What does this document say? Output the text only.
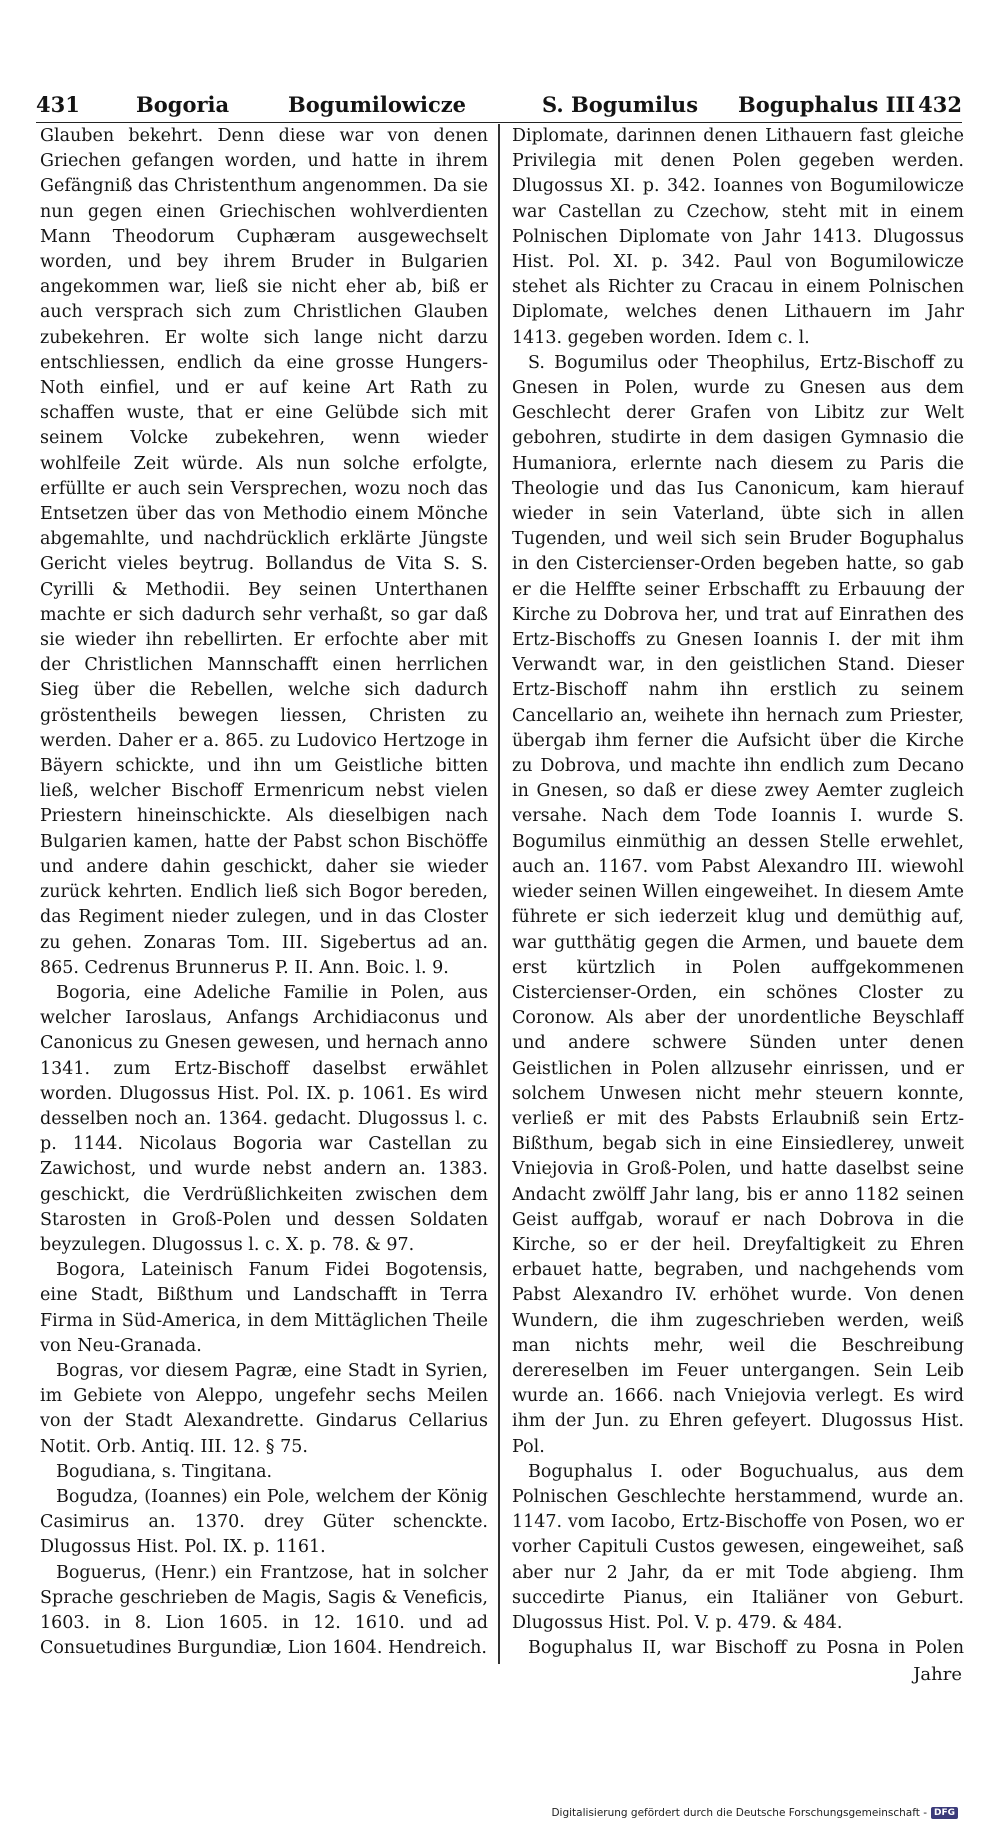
431	Bogoria	Bogumilowicze	S. Bogumilus Boguphalus III 432

Glauben bekehrt. Denn diese war von denen Griechen gefangen worden, und hatte in ihrem Gefängniß das Christenthum angenommen. Da sie nun gegen einen Griechischen wohlverdienten Mann Theodorum Cuphæram ausgewechselt worden, und bey ihrem Bruder in Bulgarien angekommen war, ließ sie nicht eher ab, biß er auch versprach sich zum Christlichen Glauben zubekehren. Er wolte sich lange nicht darzu entschliessen, endlich da eine grosse Hungers-Noth einfiel, und er auf keine Art Rath zu schaffen wuste, that er eine Gelübde sich mit seinem Volcke zubekehren, wenn wieder wohlfeile Zeit würde. Als nun solche erfolgte, erfüllte er auch sein Versprechen, wozu noch das Entsetzen über das von Methodio einem Mönche abgemahlte, und nachdrücklich erklärte Jüngste Gericht vieles beytrug. Bollandus de Vita S. S. Cyrilli & Methodii. Bey seinen Unterthanen machte er sich dadurch sehr verhaßt, so gar daß sie wieder ihn rebellirten. Er erfochte aber mit der Christlichen Mannschafft einen herrlichen Sieg über die Rebellen, welche sich dadurch gröstentheils bewegen liessen, Christen zu werden. Daher er a. 865. zu Ludovico Hertzoge in Bäyern schickte, und ihn um Geistliche bitten ließ, welcher Bischoff Ermenricum nebst vielen Priestern hineinschickte. Als dieselbigen nach Bulgarien kamen, hatte der Pabst schon Bischöffe und andere dahin geschickt, daher sie wieder zurück kehrten. Endlich ließ sich Bogor bereden, das Regiment nieder zulegen, und in das Closter zu gehen. Zonaras Tom. III. Sigebertus ad an. 865. Cedrenus Brunnerus P. II. Ann. Boic. l. 9.

Bogoria, eine Adeliche Familie in Polen, aus welcher Iaroslaus, Anfangs Archidiaconus und Canonicus zu Gnesen gewesen, und hernach anno 1341. zum Ertz-Bischoff daselbst erwählet worden. Dlugossus Hist. Pol. IX. p. 1061. Es wird desselben noch an. 1364. gedacht. Dlugossus l. c. p. 1144. Nicolaus Bogoria war Castellan zu Zawichost, und wurde nebst andern an. 1383. geschickt, die Verdrüßlichkeiten zwischen dem Starosten in Groß-Polen und dessen Soldaten beyzulegen. Dlugossus l. c. X. p. 78. & 97.

Bogora, Lateinisch Fanum Fidei Bogotensis, eine Stadt, Bißthum und Landschafft in Terra Firma in Süd-America, in dem Mittäglichen Theile von Neu-Granada.

Bogras, vor diesem Pagræ, eine Stadt in Syrien, im Gebiete von Aleppo, ungefehr sechs Meilen von der Stadt Alexandrette. Gindarus Cellarius Notit. Orb. Antiq. III. 12. § 75.

Bogudiana, s. Tingitana.

Bogudza, (Ioannes) ein Pole, welchem der König Casimirus an. 1370. drey Güter schenckte. Dlugossus Hist. Pol. IX. p. 1161.

Boguerus, (Henr.) ein Frantzose, hat in solcher Sprache geschrieben de Magis, Sagis & Veneficis, 1603. in 8. Lion 1605. in 12. 1610. und ad Consuetudines Burgundiæ, Lion 1604. Hendreich.

Diplomate, darinnen denen Lithauern fast gleiche Privilegia mit denen Polen gegeben werden. Dlugossus XI. p. 342. Ioannes von Bogumilowicze war Castellan zu Czechow, steht mit in einem Polnischen Diplomate von Jahr 1413. Dlugossus Hist. Pol. XI. p. 342. Paul von Bogumilowicze stehet als Richter zu Cracau in einem Polnischen Diplomate, welches denen Lithauern im Jahr 1413. gegeben worden. Idem c. l.

S. Bogumilus oder Theophilus, Ertz-Bischoff zu Gnesen in Polen, wurde zu Gnesen aus dem Geschlecht derer Grafen von Libitz zur Welt gebohren, studirte in dem dasigen Gymnasio die Humaniora, erlernte nach diesem zu Paris die Theologie und das Ius Canonicum, kam hierauf wieder in sein Vaterland, übte sich in allen Tugenden, und weil sich sein Bruder Boguphalus in den Cistercienser-Orden begeben hatte, so gab er die Helffte seiner Erbschafft zu Erbauung der Kirche zu Dobrova her, und trat auf Einrathen des Ertz-Bischoffs zu Gnesen Ioannis I. der mit ihm Verwandt war, in den geistlichen Stand. Dieser Ertz-Bischoff nahm ihn erstlich zu seinem Cancellario an, weihete ihn hernach zum Priester, übergab ihm ferner die Aufsicht über die Kirche zu Dobrova, und machte ihn endlich zum Decano in Gnesen, so daß er diese zwey Aemter zugleich versahe. Nach dem Tode Ioannis I. wurde S. Bogumilus einmüthig an dessen Stelle erwehlet, auch an. 1167. vom Pabst Alexandro III. wiewohl wieder seinen Willen eingeweihet. In diesem Amte führete er sich iederzeit klug und demüthig auf, war gutthätig gegen die Armen, und bauete dem erst kürtzlich in Polen auffgekommenen Cistercienser-Orden, ein schönes Closter zu Coronow. Als aber der unordentliche Beyschlaff und andere schwere Sünden unter denen Geistlichen in Polen allzusehr einrissen, und er solchem Unwesen nicht mehr steuern konnte, verließ er mit des Pabsts Erlaubniß sein Ertz-Bißthum, begab sich in eine Einsiedlerey, unweit Vniejovia in Groß-Polen, und hatte daselbst seine Andacht zwölff Jahr lang, bis er anno 1182 seinen Geist auffgab, worauf er nach Dobrova in die Kirche, so er der heil. Dreyfaltigkeit zu Ehren erbauet hatte, begraben, und nachgehends vom Pabst Alexandro IV. erhöhet wurde. Von denen Wundern, die ihm zugeschrieben werden, weiß man nichts mehr, weil die Beschreibung derereselben im Feuer untergangen. Sein Leib wurde an. 1666. nach Vniejovia verlegt. Es wird ihm der Jun. zu Ehren gefeyert. Dlugossus Hist. Pol.

Boguphalus I. oder Boguchualus, aus dem Polnischen Geschlechte herstammend, wurde an. 1147. vom Iacobo, Ertz-Bischoffe von Posen, wo er vorher Capituli Custos gewesen, eingeweihet, saß aber nur 2 Jahr, da er mit Tode abgieng. Ihm succedirte Pianus, ein Italiäner von Geburt. Dlugossus Hist. Pol. V. p. 479. & 484.

Boguphalus II, war Bischoff zu Posna in Polen

Jahre
Digitalisierung gefördert durch die Deutsche Forschungsgemeinschaft - DFG
